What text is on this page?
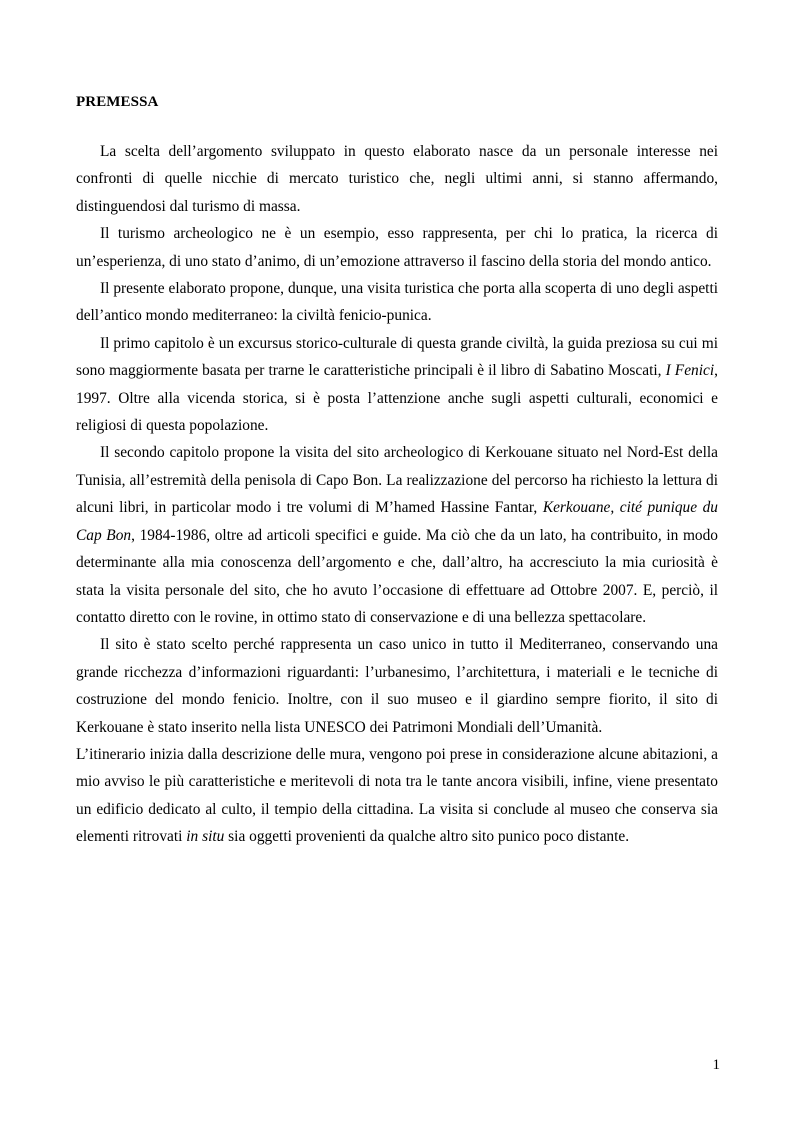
PREMESSA

La scelta dell’argomento sviluppato in questo elaborato nasce da un personale interesse nei confronti di quelle nicchie di mercato turistico che, negli ultimi anni, si stanno affermando, distinguendosi dal turismo di massa.

Il turismo archeologico ne è un esempio, esso rappresenta, per chi lo pratica, la ricerca di un’esperienza, di uno stato d’animo, di un’emozione attraverso il fascino della storia del mondo antico.

Il presente elaborato propone, dunque, una visita turistica che porta alla scoperta di uno degli aspetti dell’antico mondo mediterraneo: la civiltà fenicio-punica.

Il primo capitolo è un excursus storico-culturale di questa grande civiltà, la guida preziosa su cui mi sono maggiormente basata per trarne le caratteristiche principali è il libro di Sabatino Moscati, I Fenici, 1997. Oltre alla vicenda storica, si è posta l’attenzione anche sugli aspetti culturali, economici e religiosi di questa popolazione.

Il secondo capitolo propone la visita del sito archeologico di Kerkouane situato nel Nord-Est della Tunisia, all’estremità della penisola di Capo Bon. La realizzazione del percorso ha richiesto la lettura di alcuni libri, in particolar modo i tre volumi di M’hamed Hassine Fantar, Kerkouane, cité punique du Cap Bon, 1984-1986, oltre ad articoli specifici e guide. Ma ciò che da un lato, ha contribuito, in modo determinante alla mia conoscenza dell’argomento e che, dall’altro, ha accresciuto la mia curiosità è stata la visita personale del sito, che ho avuto l’occasione di effettuare ad Ottobre 2007. E, perciò, il contatto diretto con le rovine, in ottimo stato di conservazione e di una bellezza spettacolare.

Il sito è stato scelto perché rappresenta un caso unico in tutto il Mediterraneo, conservando una grande ricchezza d’informazioni riguardanti: l’urbanesimo, l’architettura, i materiali e le tecniche di costruzione del mondo fenicio. Inoltre, con il suo museo e il giardino sempre fiorito, il sito di Kerkouane è stato inserito nella lista UNESCO dei Patrimoni Mondiali dell’Umanità.

L’itinerario inizia dalla descrizione delle mura, vengono poi prese in considerazione alcune abitazioni, a mio avviso le più caratteristiche e meritevoli di nota tra le tante ancora visibili, infine, viene presentato un edificio dedicato al culto, il tempio della cittadina. La visita si conclude al museo che conserva sia elementi ritrovati in situ sia oggetti provenienti da qualche altro sito punico poco distante.

1
